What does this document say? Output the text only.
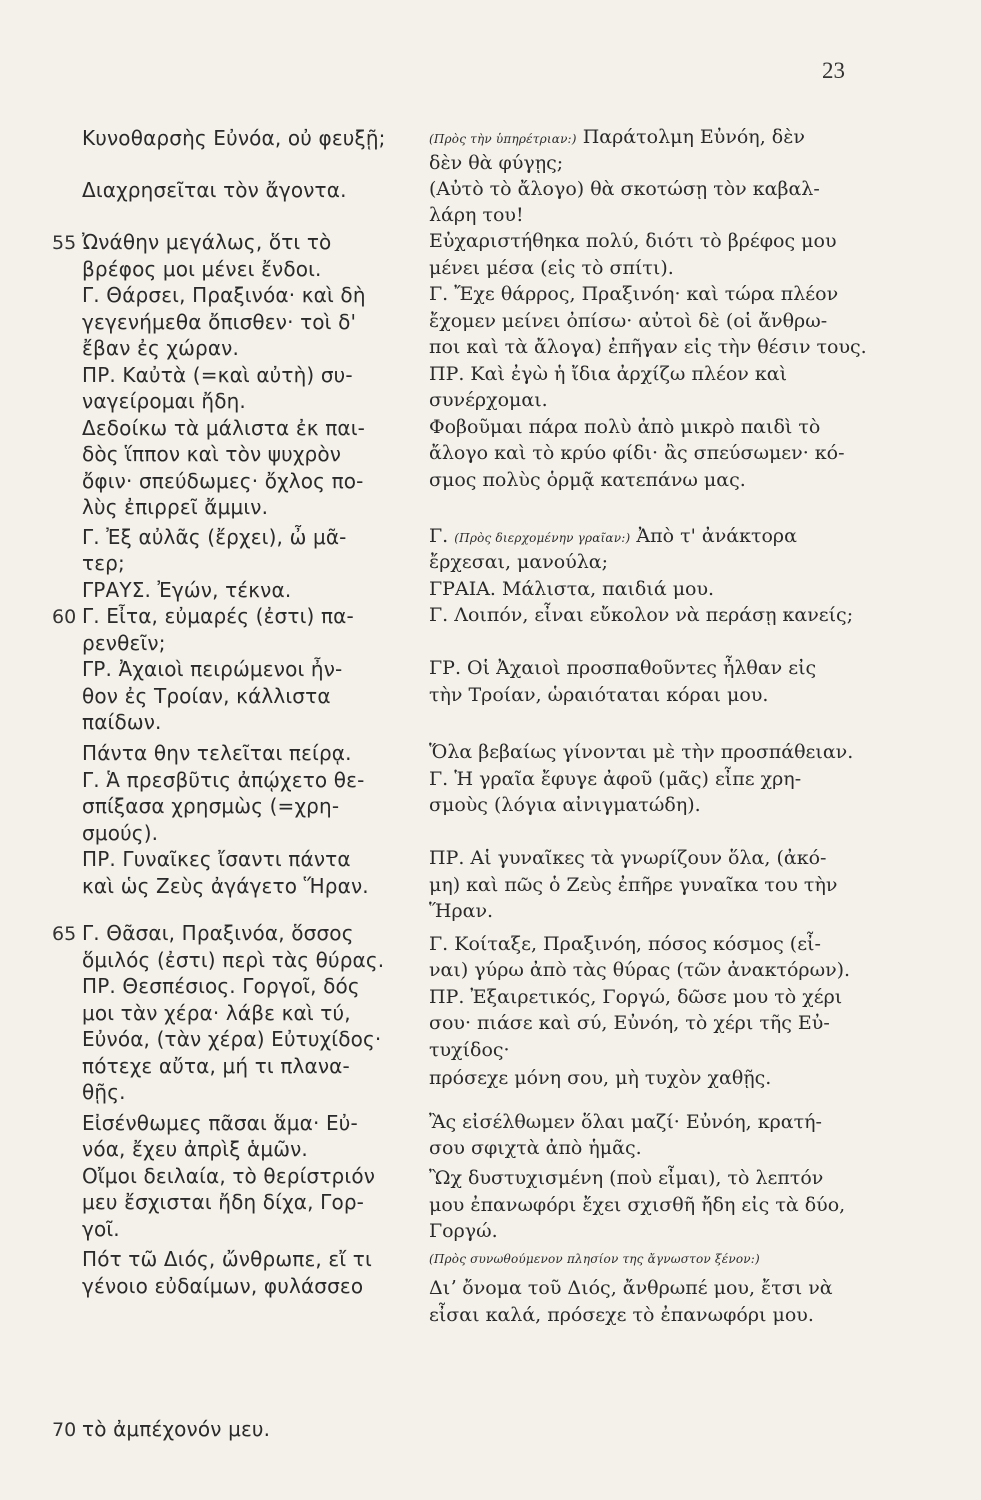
23
55
60
65
70
Κυνοθαρσὴς Εὐνόα, οὐ φευξῇ;
Διαχρησεῖται τὸν ἄγοντα.
Ὠνάθην μεγάλως, ὅτι τὸ
βρέφος μοι μένει ἔνδοι.
Γ. Θάρσει, Πραξινόα· καὶ δὴ
γεγενήμεθα ὄπισθεν· τοὶ δ'
ἔβαν ἐς χώραν.
ΠΡ. Καὐτὰ (=καὶ αὐτὴ) συ-
ναγείρομαι ἤδη.
Δεδοίκω τὰ μάλιστα ἐκ παι-
δὸς ἵππον καὶ τὸν ψυχρὸν
ὄφιν· σπεύδωμες· ὄχλος πο-
λὺς ἐπιρρεῖ ἄμμιν.
Γ. Ἐξ αὐλᾶς (ἔρχει), ὦ μᾶ-
τερ;
ΓΡΑΥΣ. Ἐγών, τέκνα.
Γ. Εἶτα, εὐμαρές (ἐστι) πα-
ρενθεῖν;
ΓΡ. Ἀχαιοὶ πειρώμενοι ἦν-
θον ἐς Τροίαν, κάλλιστα
παίδων.
Πάντα θην τελεῖται πείρᾳ.
Γ. Ἁ πρεσβῦτις ἀπῴχετο θε-
σπίξασα χρησμὼς (=χρη-
σμούς).
ΠΡ. Γυναῖκες ἴσαντι πάντα
καὶ ὡς Ζεὺς ἀγάγετο Ἥραν.
Γ. Θᾶσαι, Πραξινόα, ὅσσος
ὅμιλός (ἐστι) περὶ τὰς θύρας.
ΠΡ. Θεσπέσιος. Γοργοῖ, δός
μοι τὰν χέρα· λάβε καὶ τύ,
Εὐνόα, (τὰν χέρα) Εὐτυχίδος·
πότεχε αὔτα, μή τι πλανα-
θῇς.
Εἰσένθωμες πᾶσαι ἅμα· Εὐ-
νόα, ἔχευ ἀπρὶξ ἁμῶν.
Οἴμοι δειλαία, τὸ θερίστριόν
μευ ἔσχισται ἤδη δίχα, Γορ-
γοῖ.
Πότ τῶ Διός, ὤνθρωπε, εἴ τι
γένοιο εὐδαίμων, φυλάσσεο
τὸ ἀμπέχονόν μευ.
(Πρὸς τὴν ὑπηρέτριαν:) Παράτολμη Εὐνόη, δὲν
δὲν θὰ φύγῃς;
(Αὐτὸ τὸ ἄλογο) θὰ σκοτώσῃ τὸν καβαλ-
λάρη του!
Εὐχαριστήθηκα πολύ, διότι τὸ βρέφος μου
μένει μέσα (εἰς τὸ σπίτι).
Γ. Ἔχε θάρρος, Πραξινόη· καὶ τώρα πλέον
ἔχομεν μείνει ὀπίσω· αὐτοὶ δὲ (οἱ ἄνθρω-
ποι καὶ τὰ ἄλογα) ἐπῆγαν εἰς τὴν θέσιν τους.
ΠΡ. Καὶ ἐγὼ ἡ ἴδια ἀρχίζω πλέον καὶ
συνέρχομαι.
Φοβοῦμαι πάρα πολὺ ἀπὸ μικρὸ παιδὶ τὸ
ἄλογο καὶ τὸ κρύο φίδι· ἂς σπεύσωμεν· κό-
σμος πολὺς ὁρμᾷ κατεπάνω μας.
Γ. (Πρὸς διερχομένην γραῖαν:) Ἀπὸ τ' ἀνάκτορα
ἔρχεσαι, μανούλα;
ΓΡΑΙΑ. Μάλιστα, παιδιά μου.
Γ. Λοιπόν, εἶναι εὔκολον νὰ περάσῃ κανείς;
ΓΡ. Οἱ Ἀχαιοὶ προσπαθοῦντες ἦλθαν εἰς
τὴν Τροίαν, ὡραιόταται κόραι μου.
Ὅλα βεβαίως γίνονται μὲ τὴν προσπάθειαν.
Γ. Ἡ γραῖα ἔφυγε ἀφοῦ (μᾶς) εἶπε χρη-
σμοὺς (λόγια αἰνιγματώδη).
ΠΡ. Αἱ γυναῖκες τὰ γνωρίζουν ὅλα, (ἀκό-
μη) καὶ πῶς ὁ Ζεὺς ἐπῆρε γυναῖκα του τὴν
Ἥραν.
Γ. Κοίταξε, Πραξινόη, πόσος κόσμος (εἶ-
ναι) γύρω ἀπὸ τὰς θύρας (τῶν ἀνακτόρων).
ΠΡ. Ἐξαιρετικός, Γοργώ, δῶσε μου τὸ χέρι
σου· πιάσε καὶ σύ, Εὐνόη, τὸ χέρι τῆς Εὐ-
τυχίδος·
πρόσεχε μόνη σου, μὴ τυχὸν χαθῇς.
Ἂς εἰσέλθωμεν ὅλαι μαζί· Εὐνόη, κρατή-
σου σφιχτὰ ἀπὸ ἡμᾶς.
Ὢχ δυστυχισμένη (ποὺ εἶμαι), τὸ λεπτόν
μου ἐπανωφόρι ἔχει σχισθῆ ἤδη εἰς τὰ δύο,
Γοργώ.
(Πρὸς συνωθούμενον πλησίον της ἄγνωστον ξένον:)
Διʼ ὄνομα τοῦ Διός, ἄνθρωπέ μου, ἔτσι νὰ
εἶσαι καλά, πρόσεχε τὸ ἐπανωφόρι μου.
